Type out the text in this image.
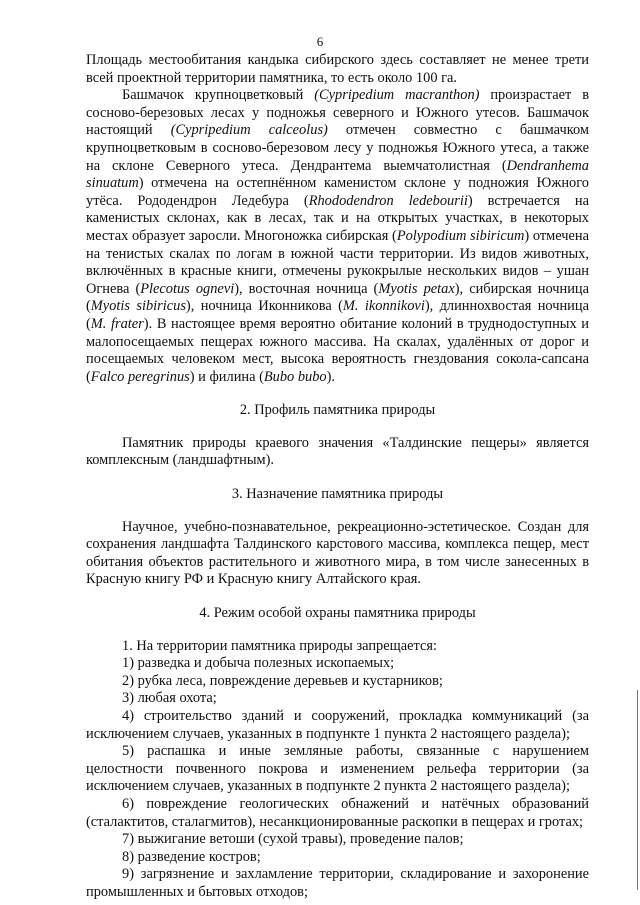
6

Площадь местообитания кандыка сибирского здесь составляет не менее трети всей проектной территории памятника, то есть около 100 га.

Башмачок крупноцветковый (Cypripedium macranthon) произрастает в сосново-березовых лесах у подножья северного и Южного утесов. Башмачок настоящий (Cypripedium calceolus) отмечен совместно с башмачком крупноцветковым в сосново-березовом лесу у подножья Южного утеса, а также на склоне Северного утеса. Дендрантема выемчатолистная (Dendranhema sinuatum) отмечена на остепнённом каменистом склоне у подножия Южного утёса. Рододендрон Ледебура (Rhododendron ledebourii) встречается на каменистых склонах, как в лесах, так и на открытых участках, в некоторых местах образует заросли. Многоножка сибирская (Polypodium sibiricum) отмечена на тенистых скалах по логам в южной части территории. Из видов животных, включённых в красные книги, отмечены рукокрылые нескольких видов – ушан Огнева (Plecotus ognevi), восточная ночница (Myotis petax), сибирская ночница (Myotis sibiricus), ночница Иконникова (M. ikonnikovi), длиннохвостая ночница (M. frater). В настоящее время вероятно обитание колоний в труднодоступных и малопосещаемых пещерах южного массива. На скалах, удалённых от дорог и посещаемых человеком мест, высока вероятность гнездования сокола-сапсана (Falco peregrinus) и филина (Bubo bubo).

2. Профиль памятника природы

Памятник природы краевого значения «Талдинские пещеры» является комплексным (ландшафтным).

3. Назначение памятника природы

Научное, учебно-познавательное, рекреационно-эстетическое. Создан для сохранения ландшафта Талдинского карстового массива, комплекса пещер, мест обитания объектов растительного и животного мира, в том числе занесенных в Красную книгу РФ и Красную книгу Алтайского края.

4. Режим особой охраны памятника природы

1. На территории памятника природы запрещается:

1) разведка и добыча полезных ископаемых;

2) рубка леса, повреждение деревьев и кустарников;

3) любая охота;

4) строительство зданий и сооружений, прокладка коммуникаций (за исключением случаев, указанных в подпункте 1 пункта 2 настоящего раздела);

5) распашка и иные земляные работы, связанные с нарушением целостности почвенного покрова и изменением рельефа территории (за исключением случаев, указанных в подпункте 2 пункта 2 настоящего раздела);

6) повреждение геологических обнажений и натёчных образований (сталактитов, сталагмитов), несанкционированные раскопки в пещерах и гротах;

7) выжигание ветоши (сухой травы), проведение палов;

8) разведение костров;

9) загрязнение и захламление территории, складирование и захоронение промышленных и бытовых отходов;
